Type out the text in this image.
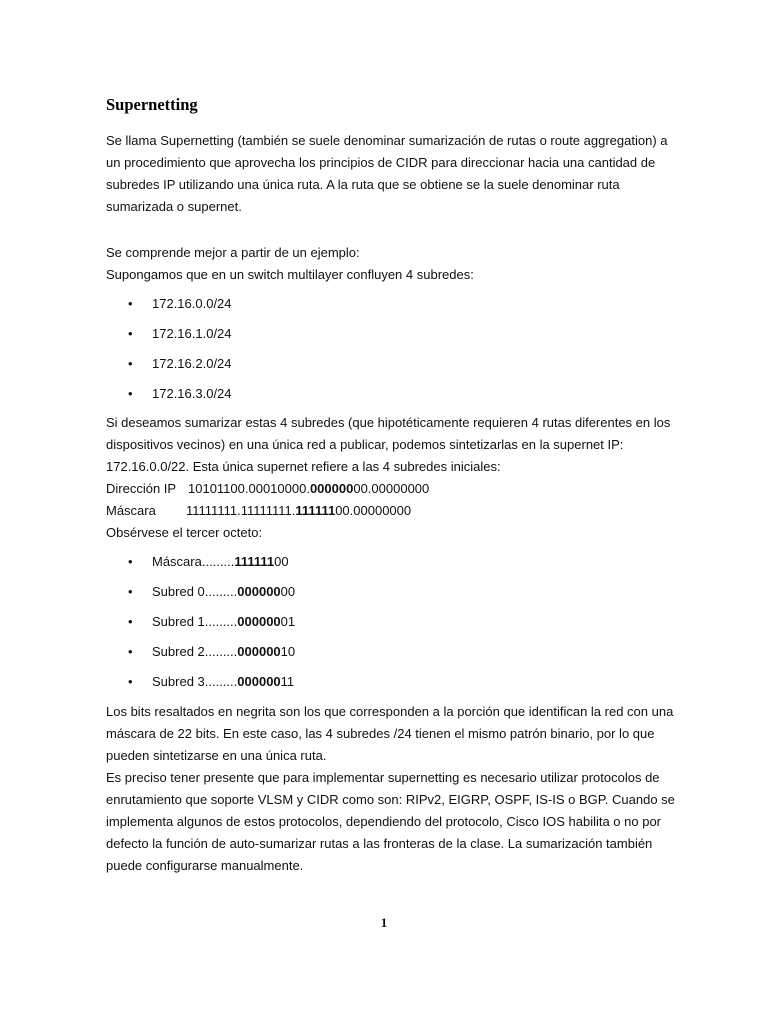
Supernetting
Se llama Supernetting (también se suele denominar sumarización de rutas o route aggregation) a
un procedimiento que aprovecha los principios de CIDR para direccionar hacia una cantidad de
subredes IP utilizando una única ruta. A la ruta que se obtiene se la suele denominar ruta
sumarizada o supernet.
Se comprende mejor a partir de un ejemplo:
Supongamos que en un switch multilayer confluyen 4 subredes:
• 172.16.0.0/24
• 172.16.1.0/24
• 172.16.2.0/24
• 172.16.3.0/24
Si deseamos sumarizar estas 4 subredes (que hipotéticamente requieren 4 rutas diferentes en los
dispositivos vecinos) en una única red a publicar, podemos sintetizarlas en la supernet IP:
172.16.0.0/22. Esta única supernet refiere a las 4 subredes iniciales:
Dirección IP 10101100.00010000.00000000.00000000
Máscara 11111111.11111111.11111100.00000000
Obsérvese el tercer octeto:
• Máscara.........11111100
• Subred 0.........00000000
• Subred 1.........00000001
• Subred 2.........00000010
• Subred 3.........00000011
Los bits resaltados en negrita son los que corresponden a la porción que identifican la red con una
máscara de 22 bits. En este caso, las 4 subredes /24 tienen el mismo patrón binario, por lo que
pueden sintetizarse en una única ruta.
Es preciso tener presente que para implementar supernetting es necesario utilizar protocolos de
enrutamiento que soporte VLSM y CIDR como son: RIPv2, EIGRP, OSPF, IS-IS o BGP. Cuando se
implementa algunos de estos protocolos, dependiendo del protocolo, Cisco IOS habilita o no por
defecto la función de auto-sumarizar rutas a las fronteras de la clase. La sumarización también
puede configurarse manualmente.
1
